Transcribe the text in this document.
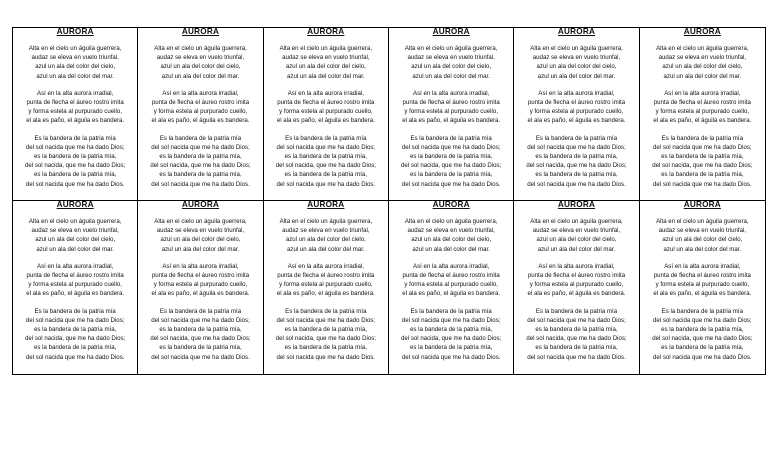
AURORA
Alta en el cielo un águila guerrera,
audaz se eleva en vuelo triunfal,
azul un ala del color del cielo,
azul un ala del color del mar.
Así en la alta aurora irradial,
punta de flecha el áureo rostro imita
y forma estela al purpurado cuello,
el ala es paño, el águila es bandera.
Es la bandera de la patria mía
del sol nacida que me ha dado Dios;
es la bandera de la patria mía,
del sol nacida, que me ha dado Dios;
es la bandera de la patria mía,
del sol nacida que me ha dado Dios.
AURORA
Alta en el cielo un águila guerrera,
audaz se eleva en vuelo triunfal,
azul un ala del color del cielo,
azul un ala del color del mar.
Así en la alta aurora irradial,
punta de flecha el áureo rostro imita
y forma estela al purpurado cuello,
el ala es paño, el águila es bandera.
Es la bandera de la patria mía
del sol nacida que me ha dado Dios;
es la bandera de la patria mía,
del sol nacida, que me ha dado Dios;
es la bandera de la patria mía,
del sol nacida que me ha dado Dios.
AURORA
Alta en el cielo un águila guerrera,
audaz se eleva en vuelo triunfal,
azul un ala del color del cielo,
azul un ala del color del mar.
Así en la alta aurora irradial,
punta de flecha el áureo rostro imita
y forma estela al purpurado cuello,
el ala es paño, el águila es bandera.
Es la bandera de la patria mía
del sol nacida que me ha dado Dios;
es la bandera de la patria mía,
del sol nacida, que me ha dado Dios;
es la bandera de la patria mía,
del sol nacida que me ha dado Dios.
AURORA
Alta en el cielo un águila guerrera,
audaz se eleva en vuelo triunfal,
azul un ala del color del cielo,
azul un ala del color del mar.
Así en la alta aurora irradial,
punta de flecha el áureo rostro imita
y forma estela al purpurado cuello,
el ala es paño, el águila es bandera.
Es la bandera de la patria mía
del sol nacida que me ha dado Dios;
es la bandera de la patria mía,
del sol nacida, que me ha dado Dios;
es la bandera de la patria mía,
del sol nacida que me ha dado Dios.
AURORA
Alta en el cielo un águila guerrera,
audaz se eleva en vuelo triunfal,
azul un ala del color del cielo,
azul un ala del color del mar.
Así en la alta aurora irradial,
punta de flecha el áureo rostro imita
y forma estela al purpurado cuello,
el ala es paño, el águila es bandera.
Es la bandera de la patria mía
del sol nacida que me ha dado Dios;
es la bandera de la patria mía,
del sol nacida, que me ha dado Dios;
es la bandera de la patria mía,
del sol nacida que me ha dado Dios.
AURORA
Alta en el cielo un águila guerrera,
audaz se eleva en vuelo triunfal,
azul un ala del color del cielo,
azul un ala del color del mar.
Así en la alta aurora irradial,
punta de flecha el áureo rostro imita
y forma estela al purpurado cuello,
el ala es paño, el águila es bandera.
Es la bandera de la patria mía
del sol nacida que me ha dado Dios;
es la bandera de la patria mía,
del sol nacida, que me ha dado Dios;
es la bandera de la patria mía,
del sol nacida que me ha dado Dios.
AURORA
Alta en el cielo un águila guerrera,
audaz se eleva en vuelo triunfal,
azul un ala del color del cielo,
azul un ala del color del mar.
Así en la alta aurora irradial,
punta de flecha el áureo rostro imita
y forma estela al purpurado cuello,
el ala es paño, el águila es bandera.
Es la bandera de la patria mía
del sol nacida que me ha dado Dios;
es la bandera de la patria mía,
del sol nacida, que me ha dado Dios;
es la bandera de la patria mía,
del sol nacida que me ha dado Dios.
AURORA
Alta en el cielo un águila guerrera,
audaz se eleva en vuelo triunfal,
azul un ala del color del cielo,
azul un ala del color del mar.
Así en la alta aurora irradial,
punta de flecha el áureo rostro imita
y forma estela al purpurado cuello,
el ala es paño, el águila es bandera.
Es la bandera de la patria mía
del sol nacida que me ha dado Dios;
es la bandera de la patria mía,
del sol nacida, que me ha dado Dios;
es la bandera de la patria mía,
del sol nacida que me ha dado Dios.
AURORA
Alta en el cielo un águila guerrera,
audaz se eleva en vuelo triunfal,
azul un ala del color del cielo,
azul un ala del color del mar.
Así en la alta aurora irradial,
punta de flecha el áureo rostro imita
y forma estela al purpurado cuello,
el ala es paño, el águila es bandera.
Es la bandera de la patria mía
del sol nacida que me ha dado Dios;
es la bandera de la patria mía,
del sol nacida, que me ha dado Dios;
es la bandera de la patria mía,
del sol nacida que me ha dado Dios.
AURORA
Alta en el cielo un águila guerrera,
audaz se eleva en vuelo triunfal,
azul un ala del color del cielo,
azul un ala del color del mar.
Así en la alta aurora irradial,
punta de flecha el áureo rostro imita
y forma estela al purpurado cuello,
el ala es paño, el águila es bandera.
Es la bandera de la patria mía
del sol nacida que me ha dado Dios;
es la bandera de la patria mía,
del sol nacida, que me ha dado Dios;
es la bandera de la patria mía,
del sol nacida que me ha dado Dios.
AURORA
Alta en el cielo un águila guerrera,
audaz se eleva en vuelo triunfal,
azul un ala del color del cielo,
azul un ala del color del mar.
Así en la alta aurora irradial,
punta de flecha el áureo rostro imita
y forma estela al purpurado cuello,
el ala es paño, el águila es bandera.
Es la bandera de la patria mía
del sol nacida que me ha dado Dios;
es la bandera de la patria mía,
del sol nacida, que me ha dado Dios;
es la bandera de la patria mía,
del sol nacida que me ha dado Dios.
AURORA
Alta en el cielo un águila guerrera,
audaz se eleva en vuelo triunfal,
azul un ala del color del cielo,
azul un ala del color del mar.
Así en la alta aurora irradial,
punta de flecha el áureo rostro imita
y forma estela al purpurado cuello,
el ala es paño, el águila es bandera.
Es la bandera de la patria mía
del sol nacida que me ha dado Dios;
es la bandera de la patria mía,
del sol nacida, que me ha dado Dios;
es la bandera de la patria mía,
del sol nacida que me ha dado Dios.
